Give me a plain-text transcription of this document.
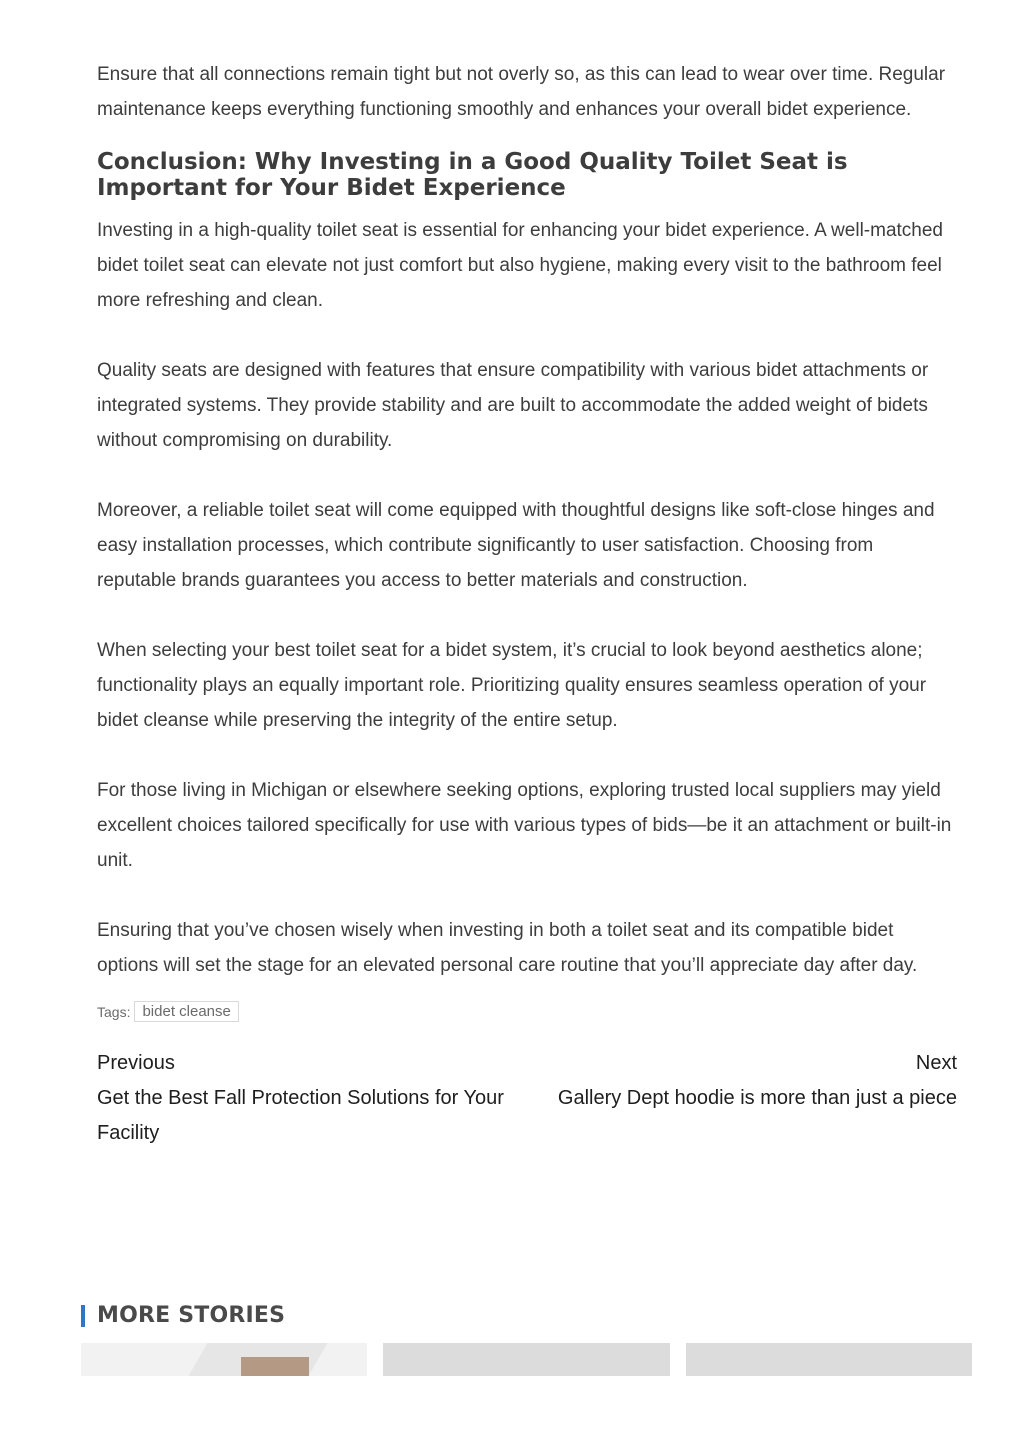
Ensure that all connections remain tight but not overly so, as this can lead to wear over time. Regular maintenance keeps everything functioning smoothly and enhances your overall bidet experience.

Conclusion: Why Investing in a Good Quality Toilet Seat is Important for Your Bidet Experience

Investing in a high-quality toilet seat is essential for enhancing your bidet experience. A well-matched bidet toilet seat can elevate not just comfort but also hygiene, making every visit to the bathroom feel more refreshing and clean.

Quality seats are designed with features that ensure compatibility with various bidet attachments or integrated systems. They provide stability and are built to accommodate the added weight of bidets without compromising on durability.

Moreover, a reliable toilet seat will come equipped with thoughtful designs like soft-close hinges and easy installation processes, which contribute significantly to user satisfaction. Choosing from reputable brands guarantees you access to better materials and construction.

When selecting your best toilet seat for a bidet system, it’s crucial to look beyond aesthetics alone; functionality plays an equally important role. Prioritizing quality ensures seamless operation of your bidet cleanse while preserving the integrity of the entire setup.

For those living in Michigan or elsewhere seeking options, exploring trusted local suppliers may yield excellent choices tailored specifically for use with various types of bids—be it an attachment or built-in unit.

Ensuring that you’ve chosen wisely when investing in both a toilet seat and its compatible bidet options will set the stage for an elevated personal care routine that you’ll appreciate day after day.

Tags: bidet cleanse
Previous
Get the Best Fall Protection Solutions for Your Facility
Next
Gallery Dept hoodie is more than just a piece
MORE STORIES
